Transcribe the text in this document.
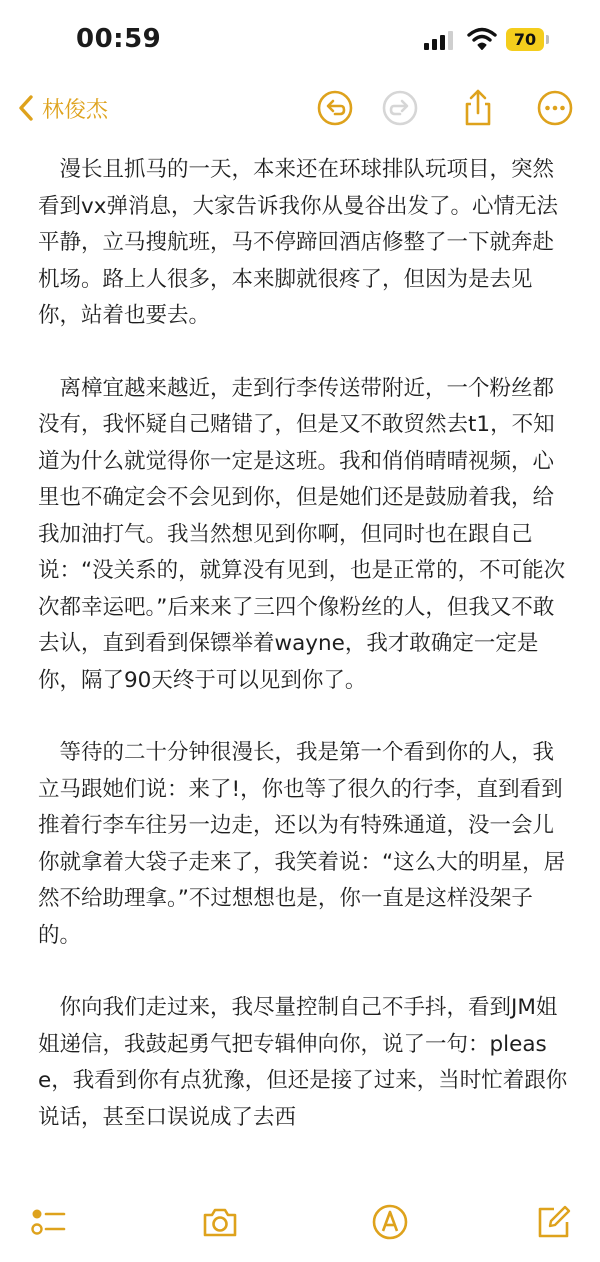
00:59	70
林俊杰

漫长且抓马的一天，本来还在环球排队玩项目，突然看到vx弹消息，大家告诉我你从曼谷出发了。心情无法平静，立马搜航班，马不停蹄回酒店修整了一下就奔赴机场。路上人很多，本来脚就很疼了，但因为是去见你，站着也要去。

离樟宜越来越近，走到行李传送带附近，一个粉丝都没有，我怀疑自己赌错了，但是又不敢贸然去t1，不知道为什么就觉得你一定是这班。我和俏俏晴晴视频，心里也不确定会不会见到你，但是她们还是鼓励着我，给我加油打气。我当然想见到你啊，但同时也在跟自己说：“没关系的，就算没有见到，也是正常的，不可能次次都幸运吧。”后来来了三四个像粉丝的人，但我又不敢去认，直到看到保镖举着wayne，我才敢确定一定是你，隔了90天终于可以见到你了。

等待的二十分钟很漫长，我是第一个看到你的人，我立马跟她们说：来了!，你也等了很久的行李，直到看到推着行李车往另一边走，还以为有特殊通道，没一会儿你就拿着大袋子走来了，我笑着说：“这么大的明星，居然不给助理拿。”不过想想也是，你一直是这样没架子的。

你向我们走过来，我尽量控制自己不手抖，看到JM姐姐递信，我鼓起勇气把专辑伸向你，说了一句：please，我看到你有点犹豫，但还是接了过来，当时忙着跟你说话，甚至口误说成了去西
